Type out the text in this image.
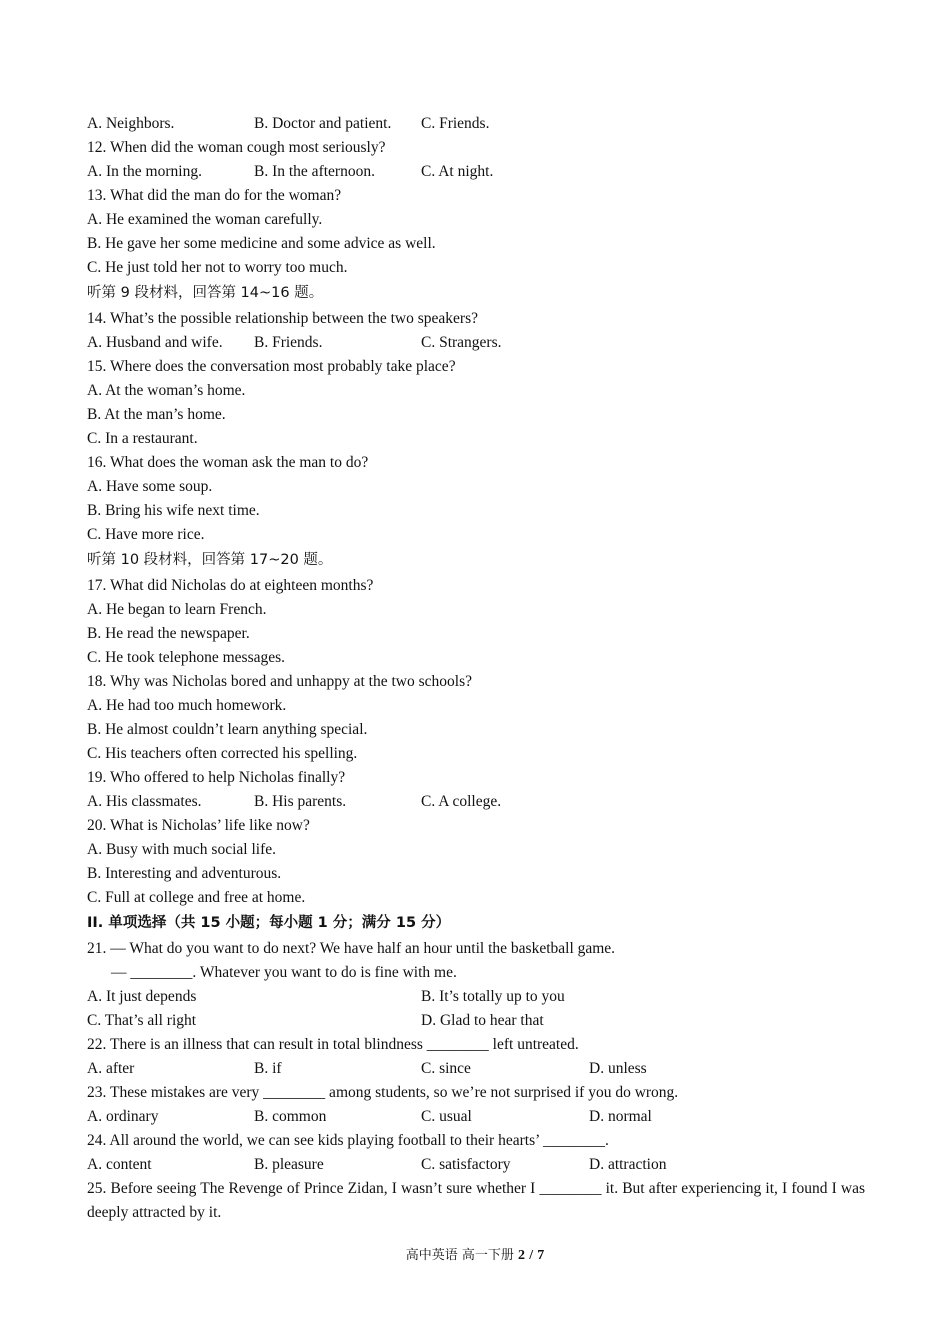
A. Neighbors.	B. Doctor and patient. C. Friends.
12. When did the woman cough most seriously?
A. In the morning.	B. In the afternoon.	C. At night.
13. What did the man do for the woman?
A. He examined the woman carefully.
B. He gave her some medicine and some advice as well.
C. He just told her not to worry too much.
听第 9 段材料，回答第 14~16 题。
14. What’s the possible relationship between the two speakers?
A. Husband and wife. B. Friends.	C. Strangers.
15. Where does the conversation most probably take place?
A. At the woman’s home.
B. At the man’s home.
C. In a restaurant.
16. What does the woman ask the man to do?
A. Have some soup.
B. Bring his wife next time.
C. Have more rice.
听第 10 段材料，回答第 17~20 题。
17. What did Nicholas do at eighteen months?
A. He began to learn French.
B. He read the newspaper.
C. He took telephone messages.
18. Why was Nicholas bored and unhappy at the two schools?
A. He had too much homework.
B. He almost couldn’t learn anything special.
C. His teachers often corrected his spelling.
19. Who offered to help Nicholas finally?
A. His classmates.	B. His parents.	C. A college.
20. What is Nicholas’ life like now?
A. Busy with much social life.
B. Interesting and adventurous.
C. Full at college and free at home.
II. 单项选择（共 15 小题；每小题 1 分；满分 15 分）
21. — What do you want to do next? We have half an hour until the basketball game.
— ________. Whatever you want to do is fine with me.
A. It just depends	B. It’s totally up to you
C. That’s all right	D. Glad to hear that
22. There is an illness that can result in total blindness ________ left untreated.
A. after	B. if	C. since	D. unless
23. These mistakes are very ________ among students, so we’re not surprised if you do wrong.
A. ordinary	B. common	C. usual	D. normal
24. All around the world, we can see kids playing football to their hearts’ ________.
A. content	B. pleasure	C. satisfactory	D. attraction
25. Before seeing The Revenge of Prince Zidan, I wasn’t sure whether I ________ it. But after experiencing it, I found I was deeply attracted by it.
高中英语 高一下册 2 / 7
